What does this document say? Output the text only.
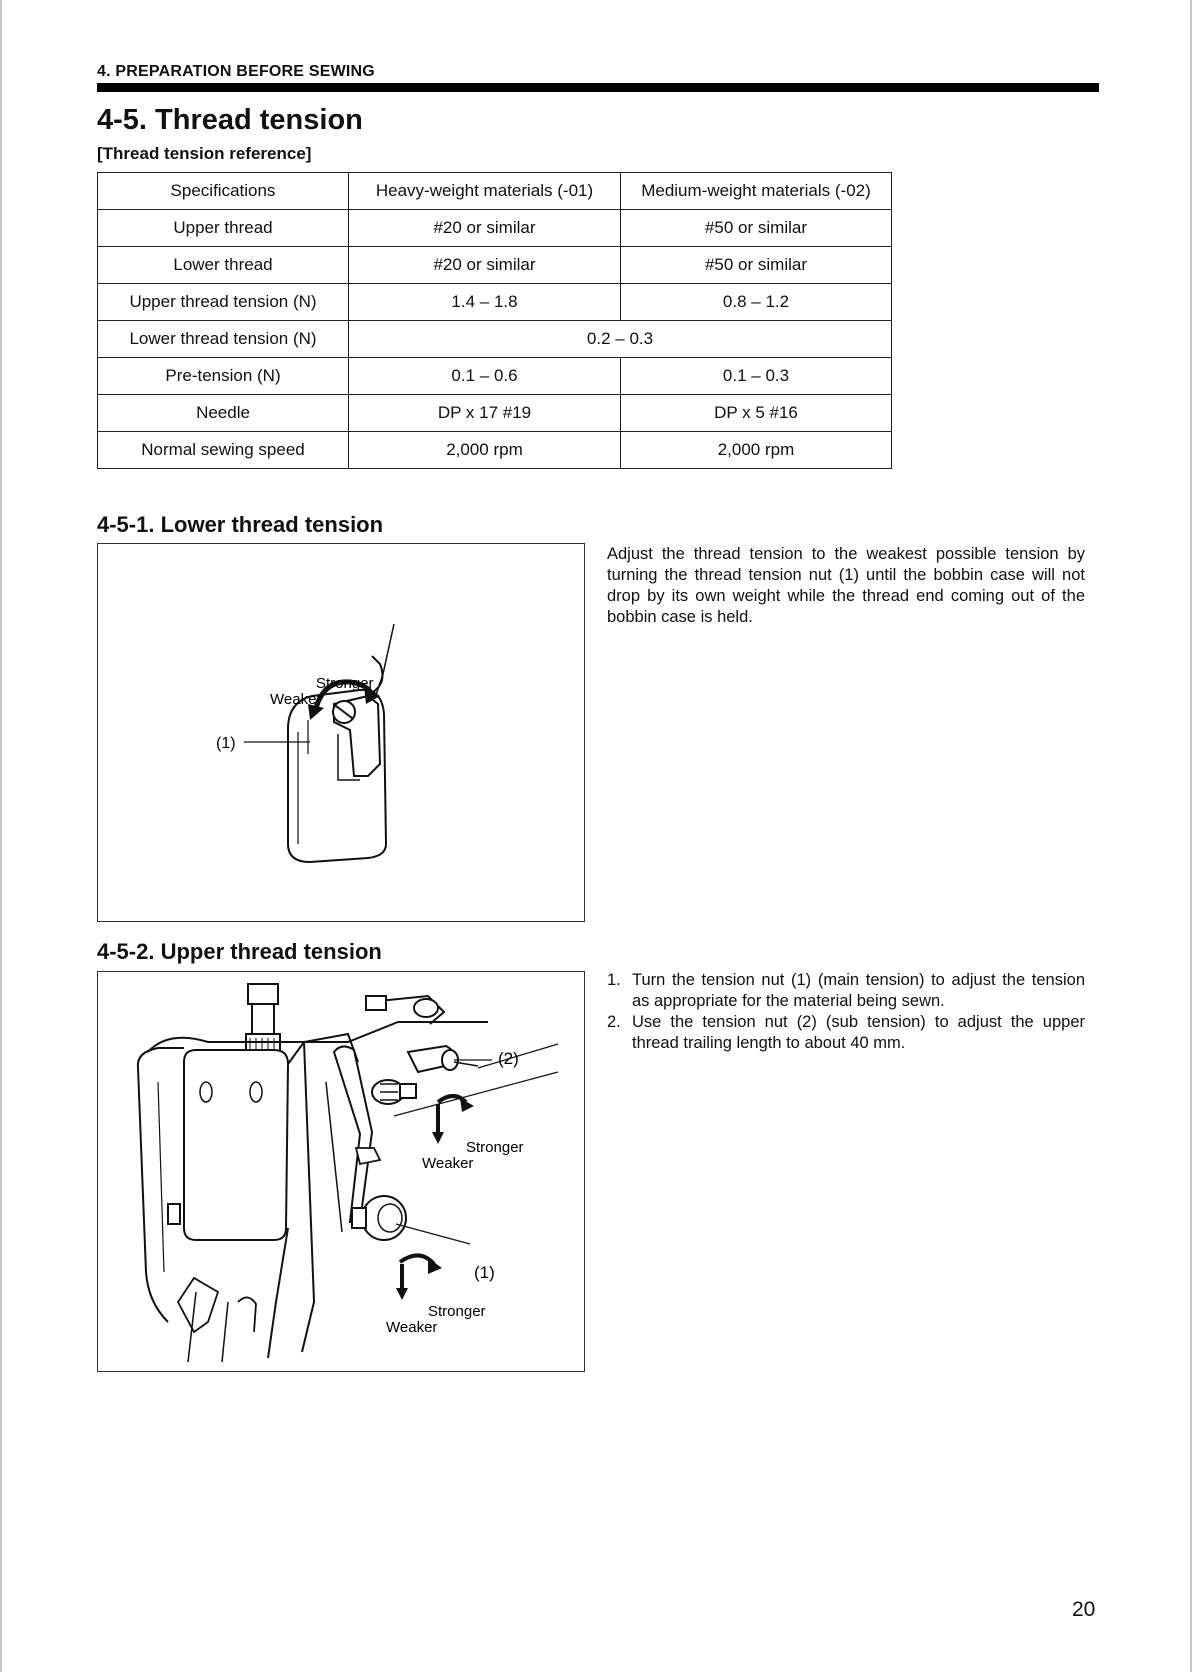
4. PREPARATION BEFORE SEWING
4-5. Thread tension
[Thread tension reference]
Specifications	Heavy-weight materials (-01)	Medium-weight materials (-02)
Upper thread	#20 or similar	#50 or similar
Lower thread	#20 or similar	#50 or similar
Upper thread tension (N)	1.4 – 1.8	0.8 – 1.2
Lower thread tension (N)	0.2 – 0.3	
Pre-tension (N)	0.1 – 0.6	0.1 – 0.3
Needle	DP x 17 #19	DP x 5 #16
Normal sewing speed	2,000 rpm	2,000 rpm
4-5-1. Lower thread tension
Stronger
Weaker
(1)
Adjust the thread tension to the weakest possible tension by turning the thread tension nut (1) until the bobbin case will not drop by its own weight while the thread end coming out of the bobbin case is held.
4-5-2. Upper thread tension
(2)
Stronger
Weaker
(1)
Stronger
Weaker
1. Turn the tension nut (1) (main tension) to adjust the tension as appropriate for the material being sewn.
2. Use the tension nut (2) (sub tension) to adjust the upper thread trailing length to about 40 mm.
20
